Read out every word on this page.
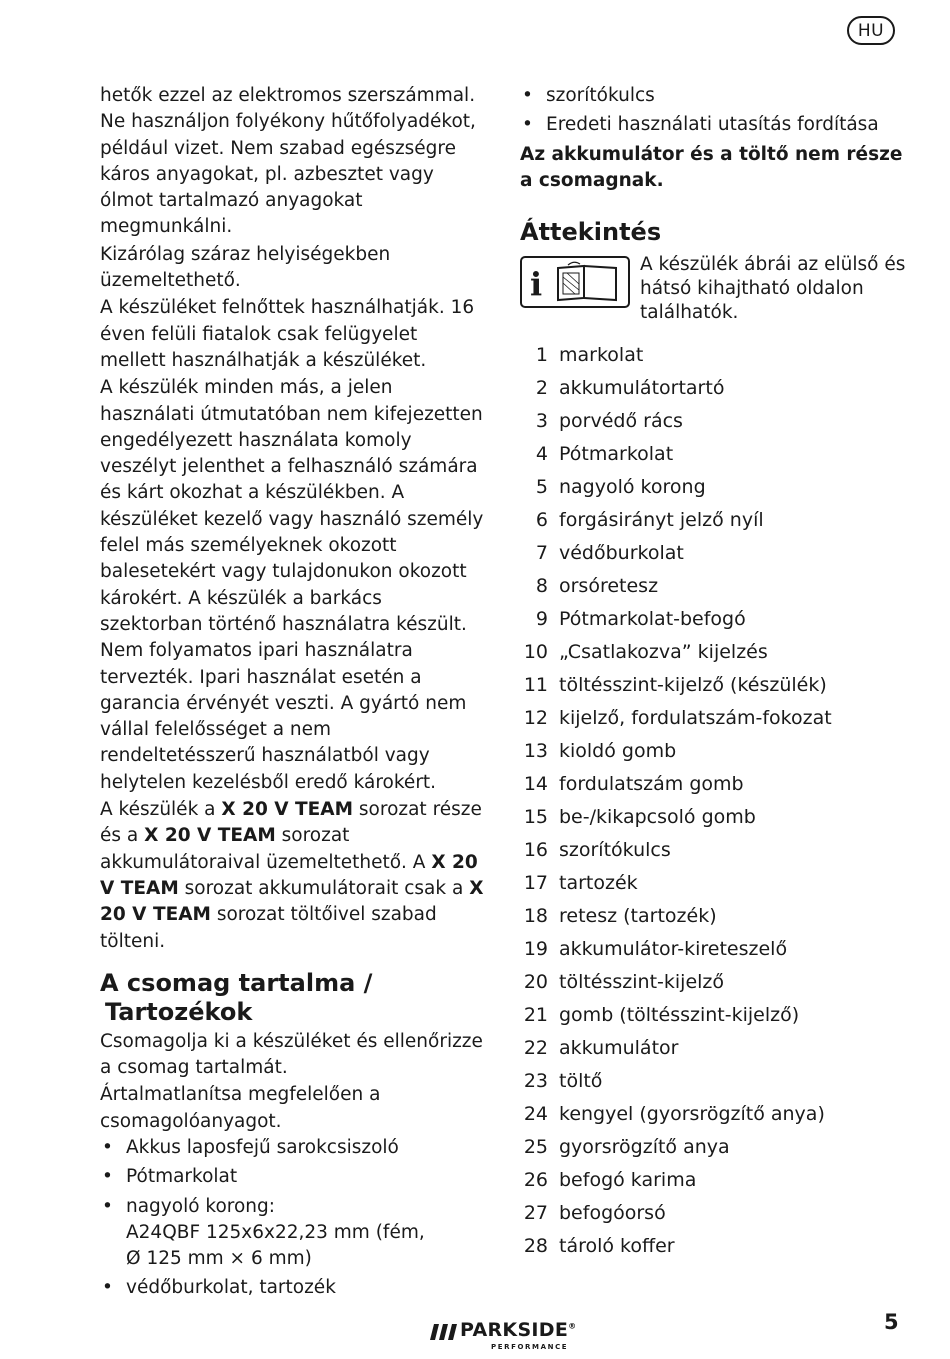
HU

hetők ezzel az elektromos szerszámmal. Ne használjon folyékony hűtőfolyadékot, például vizet. Nem szabad egészségre káros anyagokat, pl. azbesztet vagy ólmot tartalmazó anyagokat megmunkálni.

Kizárólag száraz helyiségekben üzemeltethető.

A készüléket felnőttek használhatják. 16 éven felüli fiatalok csak felügyelet mellett használhatják a készüléket.

A készülék minden más, a jelen használati útmutatóban nem kifejezetten engedélyezett használata komoly veszélyt jelenthet a felhasználó számára és kárt okozhat a készülékben. A készüléket kezelő vagy használó személy felel más személyeknek okozott balesetekért vagy tulajdonukon okozott károkért. A készülék a barkács szektorban történő használatra készült. Nem folyamatos ipari használatra tervezték. Ipari használat esetén a garancia érvényét veszti. A gyártó nem vállal felelősséget a nem rendeltetésszerű használatból vagy helytelen kezelésből eredő károkért.

A készülék a X 20 V TEAM sorozat része és a X 20 V TEAM sorozat akkumulátoraival üzemeltethető. A X 20 V TEAM sorozat akkumulátorait csak a X 20 V TEAM sorozat töltőivel szabad tölteni.

A csomag tartalma /
Tartozékok

Csomagolja ki a készüléket és ellenőrizze a csomag tartalmát.

Ártalmatlanítsa megfelelően a csomagolóanyagot.

• Akkus laposfejű sarokcsiszoló
• Pótmarkolat
• nagyoló korong:
A24QBF 125x6x22,23 mm (fém,
Ø 125 mm × 6 mm)
• védőburkolat, tartozék
• szorítókulcs
• Eredeti használati utasítás fordítása

Az akkumulátor és a töltő nem része a csomagnak.

Áttekintés
i
A készülék ábrái az elülső és hátsó kihajtható oldalon találhatók.
1 markolat
2 akkumulátortartó
3 porvédő rács
4 Pótmarkolat
5 nagyoló korong
6 forgásirányt jelző nyíl
7 védőburkolat
8 orsóretesz
9 Pótmarkolat-befogó
10 „Csatlakozva” kijelzés
11 töltésszint-kijelző (készülék)
12 kijelző, fordulatszám-fokozat
13 kioldó gomb
14 fordulatszám gomb
15 be-/kikapcsoló gomb
16 szorítókulcs
17 tartozék
18 retesz (tartozék)
19 akkumulátor-kireteszelő
20 töltésszint-kijelző
21 gomb (töltésszint-kijelző)
22 akkumulátor
23 töltő
24 kengyel (gyorsrögzítő anya)
25 gyorsrögzítő anya
26 befogó karima
27 befogóorsó
28 tároló koffer
PARKSIDE®
PERFORMANCE
5
